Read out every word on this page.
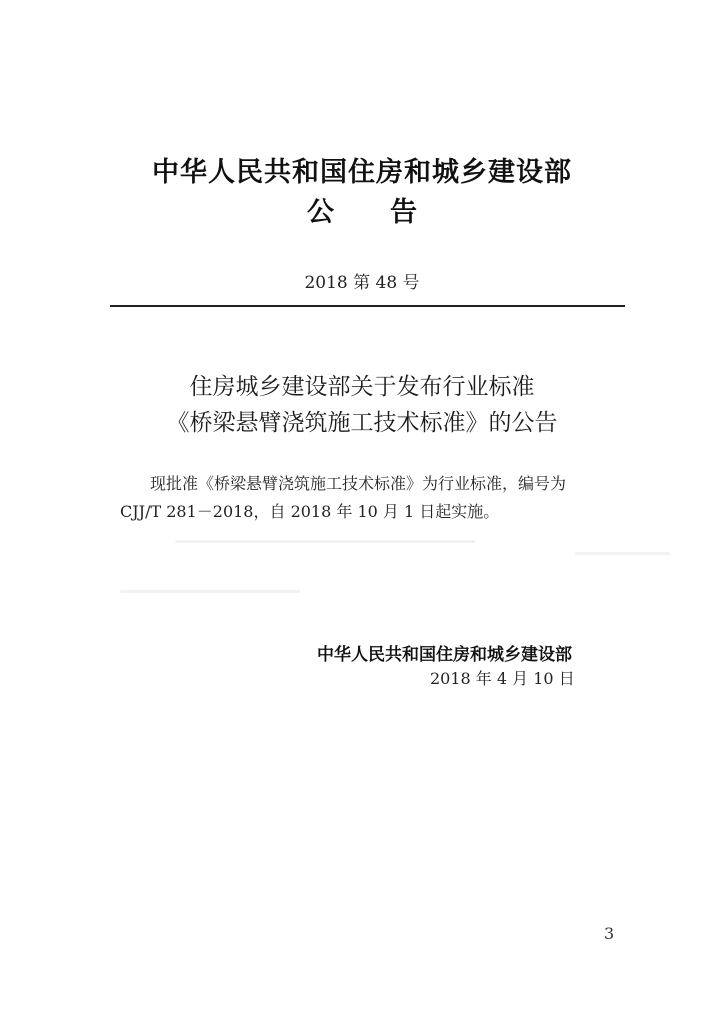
中华人民共和国住房和城乡建设部
公告
2018 第 48 号
住房城乡建设部关于发布行业标准
《桥梁悬臂浇筑施工技术标准》的公告
现批准《桥梁悬臂浇筑施工技术标准》为行业标准，编号为
CJJ/T 281－2018，自 2018 年 10 月 1 日起实施。
中华人民共和国住房和城乡建设部
2018 年 4 月 10 日
3
